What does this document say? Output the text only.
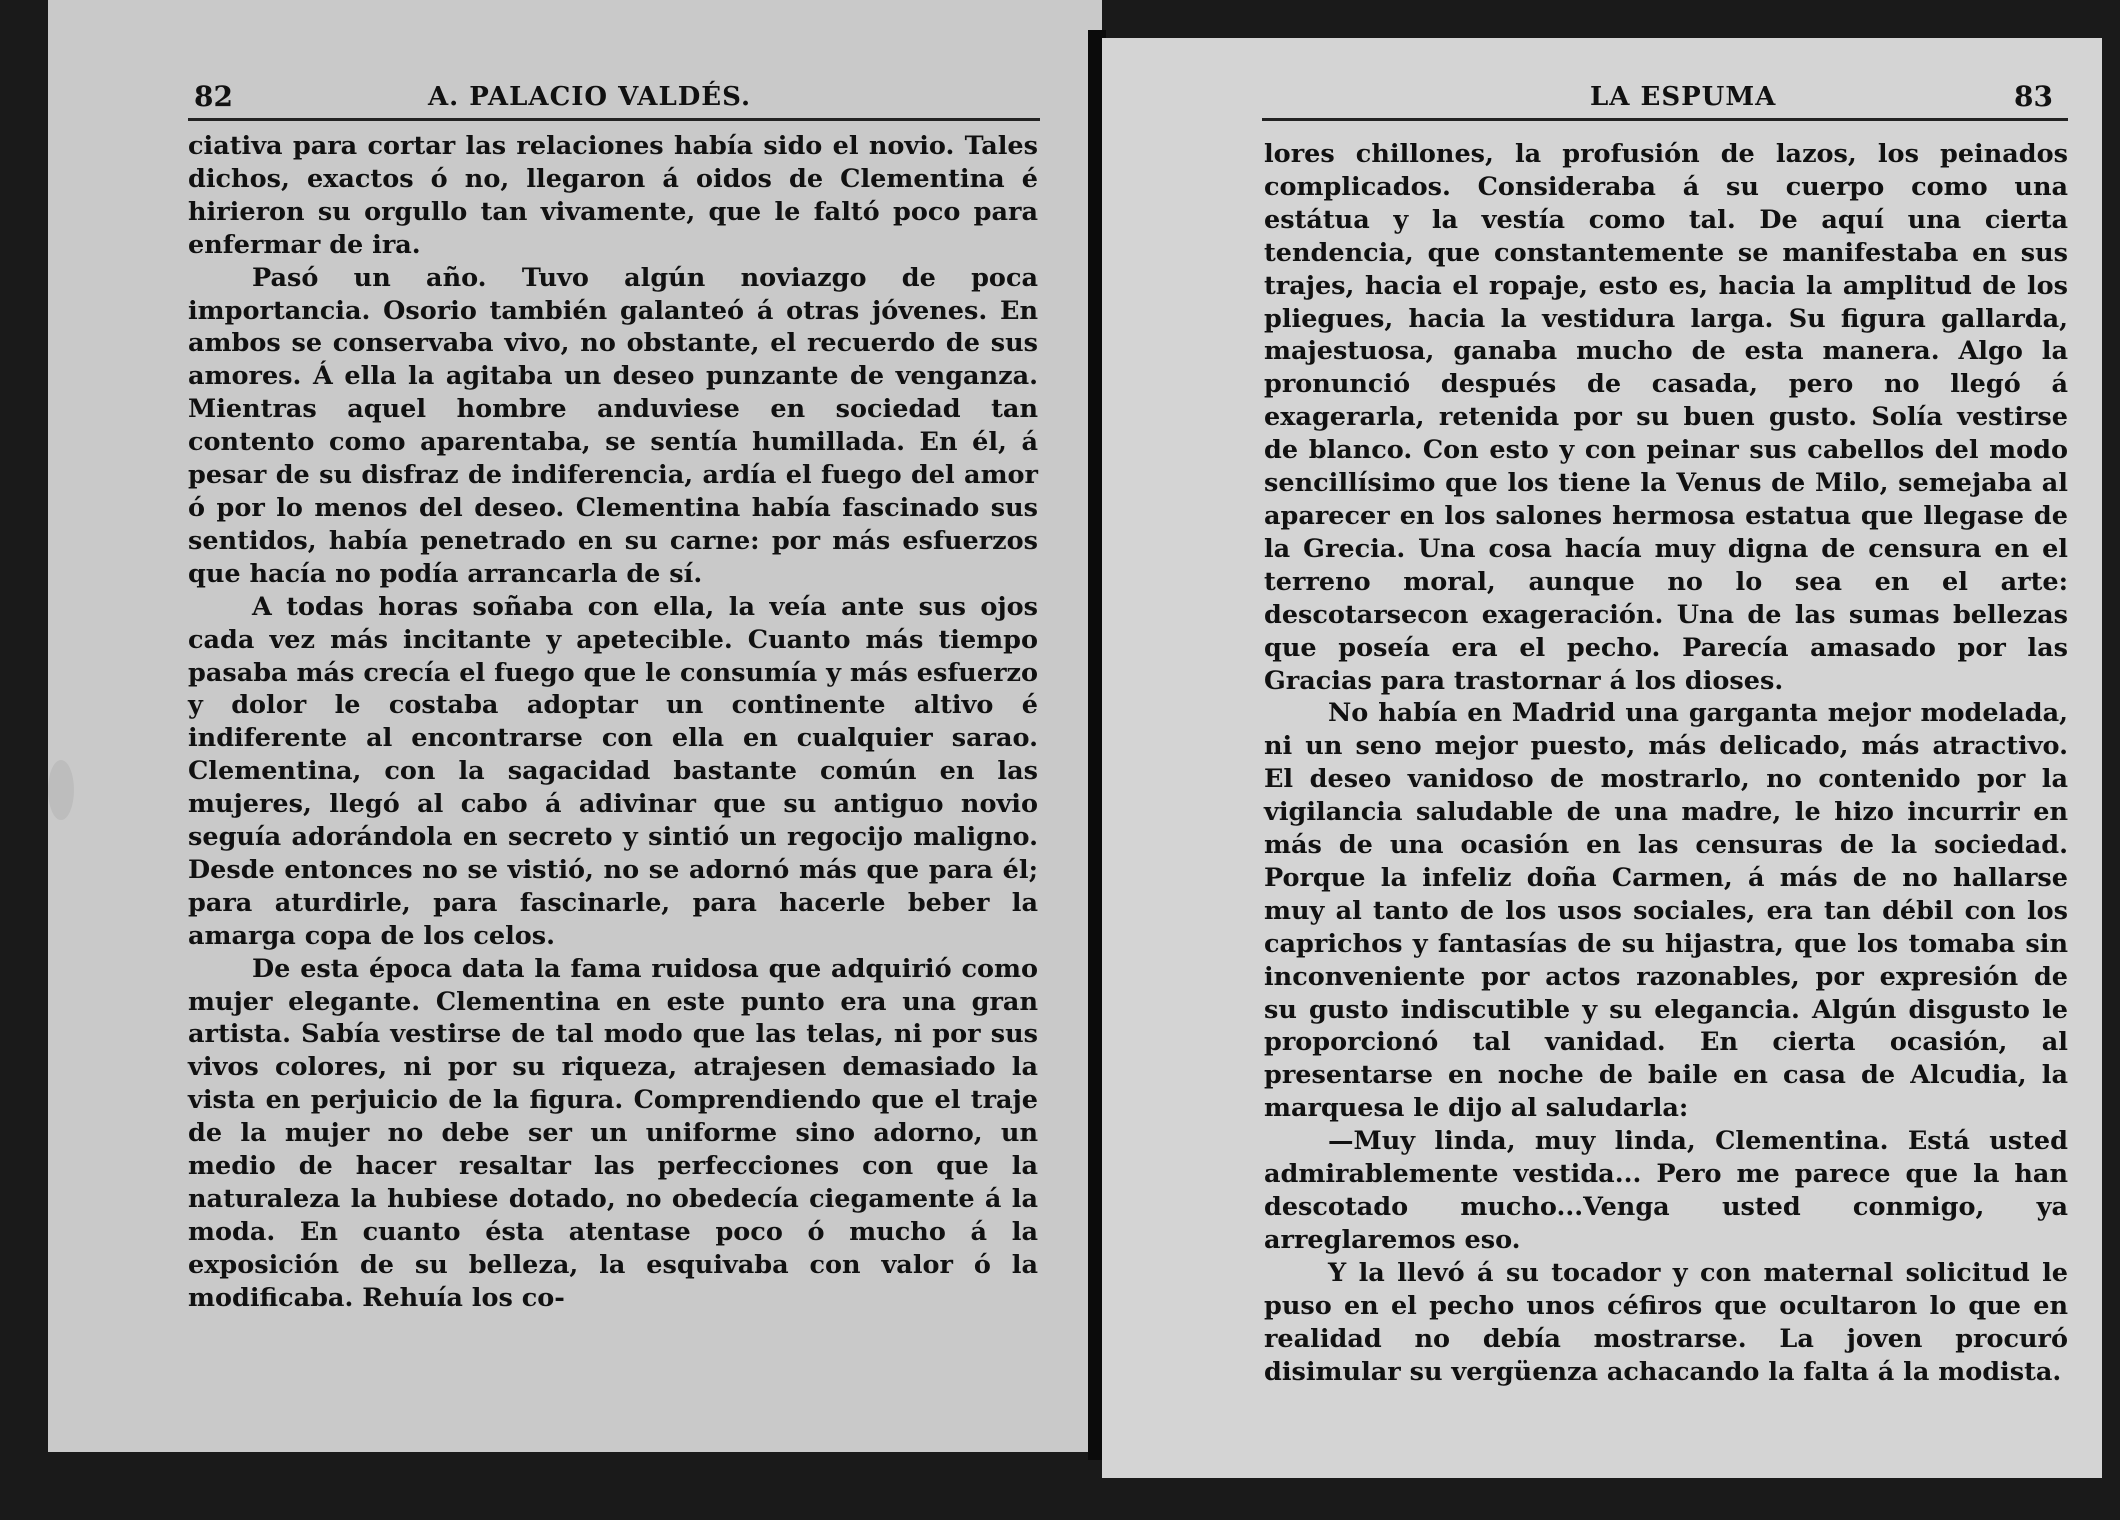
82	A. PALACIO VALDÉS.

ciativa para cortar las relaciones había sido el novio. Tales dichos, exactos ó no, llegaron á oidos de Clementina é hirieron su orgullo tan vivamente, que le faltó poco para enfermar de ira.

Pasó un año. Tuvo algún noviazgo de poca importancia. Osorio también galanteó á otras jóvenes. En ambos se conservaba vivo, no obstante, el recuerdo de sus amores. Á ella la agitaba un deseo punzante de venganza. Mientras aquel hombre anduviese en sociedad tan contento como aparentaba, se sentía humillada. En él, á pesar de su disfraz de indiferencia, ardía el fuego del amor ó por lo menos del deseo. Clementina había fascinado sus sentidos, había penetrado en su carne: por más esfuerzos que hacía no podía arrancarla de sí.

A todas horas soñaba con ella, la veía ante sus ojos cada vez más incitante y apetecible. Cuanto más tiempo pasaba más crecía el fuego que le consumía y más esfuerzo y dolor le costaba adoptar un continente altivo é indiferente al encontrarse con ella en cualquier sarao. Clementina, con la sagacidad bastante común en las mujeres, llegó al cabo á adivinar que su antiguo novio seguía adorándola en secreto y sintió un regocijo maligno. Desde entonces no se vistió, no se adornó más que para él; para aturdirle, para fascinarle, para hacerle beber la amarga copa de los celos.

De esta época data la fama ruidosa que adquirió como mujer elegante. Clementina en este punto era una gran artista. Sabía vestirse de tal modo que las telas, ni por sus vivos colores, ni por su riqueza, atrajesen demasiado la vista en perjuicio de la figura. Comprendiendo que el traje de la mujer no debe ser un uniforme sino adorno, un medio de hacer resaltar las perfecciones con que la naturaleza la hubiese dotado, no obedecía ciegamente á la moda. En cuanto ésta atentase poco ó mucho á la exposición de su belleza, la esquivaba con valor ó la modificaba. Rehuía los co-

LA ESPUMA	83

lores chillones, la profusión de lazos, los peinados complicados. Consideraba á su cuerpo como una estátua y la vestía como tal. De aquí una cierta tendencia, que constantemente se manifestaba en sus trajes, hacia el ropaje, esto es, hacia la amplitud de los pliegues, hacia la vestidura larga. Su figura gallarda, majestuosa, ganaba mucho de esta manera. Algo la pronunció después de casada, pero no llegó á exagerarla, retenida por su buen gusto. Solía vestirse de blanco. Con esto y con peinar sus cabellos del modo sencillísimo que los tiene la Venus de Milo, semejaba al aparecer en los salones hermosa estatua que llegase de la Grecia. Una cosa hacía muy digna de censura en el terreno moral, aunque no lo sea en el arte: descotarsecon exageración. Una de las sumas bellezas que poseía era el pecho. Parecía amasado por las Gracias para trastornar á los dioses.

No había en Madrid una garganta mejor modelada, ni un seno mejor puesto, más delicado, más atractivo. El deseo vanidoso de mostrarlo, no contenido por la vigilancia saludable de una madre, le hizo incurrir en más de una ocasión en las censuras de la sociedad. Porque la infeliz doña Carmen, á más de no hallarse muy al tanto de los usos sociales, era tan débil con los caprichos y fantasías de su hijastra, que los tomaba sin inconveniente por actos razonables, por expresión de su gusto indiscutible y su elegancia. Algún disgusto le proporcionó tal vanidad. En cierta ocasión, al presentarse en noche de baile en casa de Alcudia, la marquesa le dijo al saludarla:

—Muy linda, muy linda, Clementina. Está usted admirablemente vestida... Pero me parece que la han descotado mucho...Venga usted conmigo, ya arreglaremos eso.

Y la llevó á su tocador y con maternal solicitud le puso en el pecho unos céfiros que ocultaron lo que en realidad no debía mostrarse. La joven procuró disimular su vergüenza achacando la falta á la modista.
